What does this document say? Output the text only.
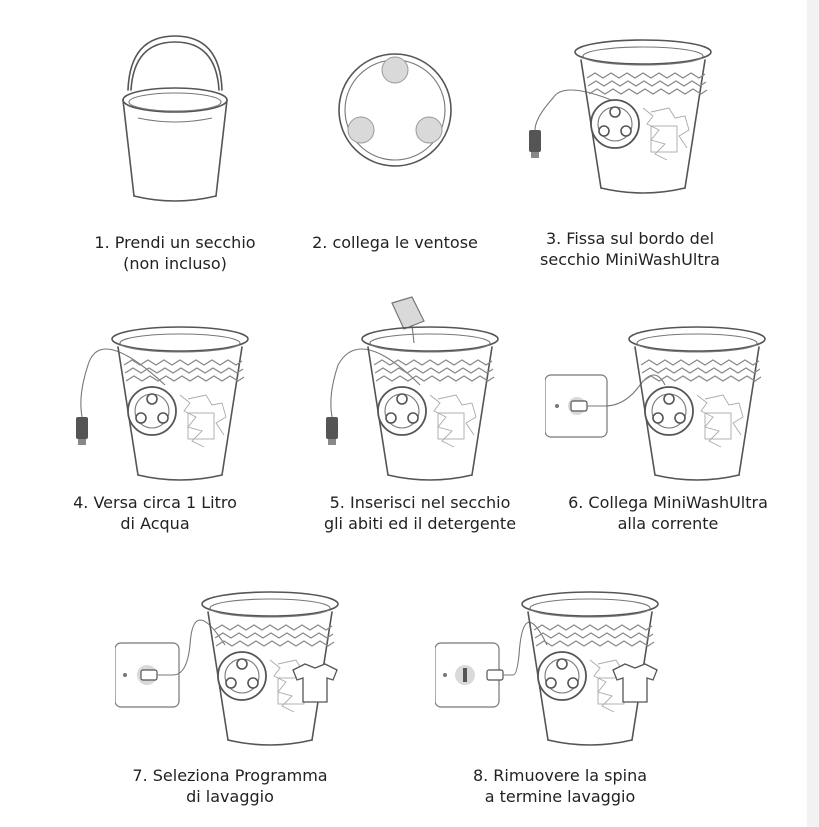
1. Prendi un secchio
(non incluso)
2. collega le ventose	3. Fissa sul bordo del
secchio MiniWashUltra
4. Versa circa 1 Litro
di Acqua
5. Inserisci nel secchio
gli abiti ed il detergente
6. Collega MiniWashUltra
alla corrente
7. Seleziona Programma
di lavaggio
8. Rimuovere la spina
a termine lavaggio
